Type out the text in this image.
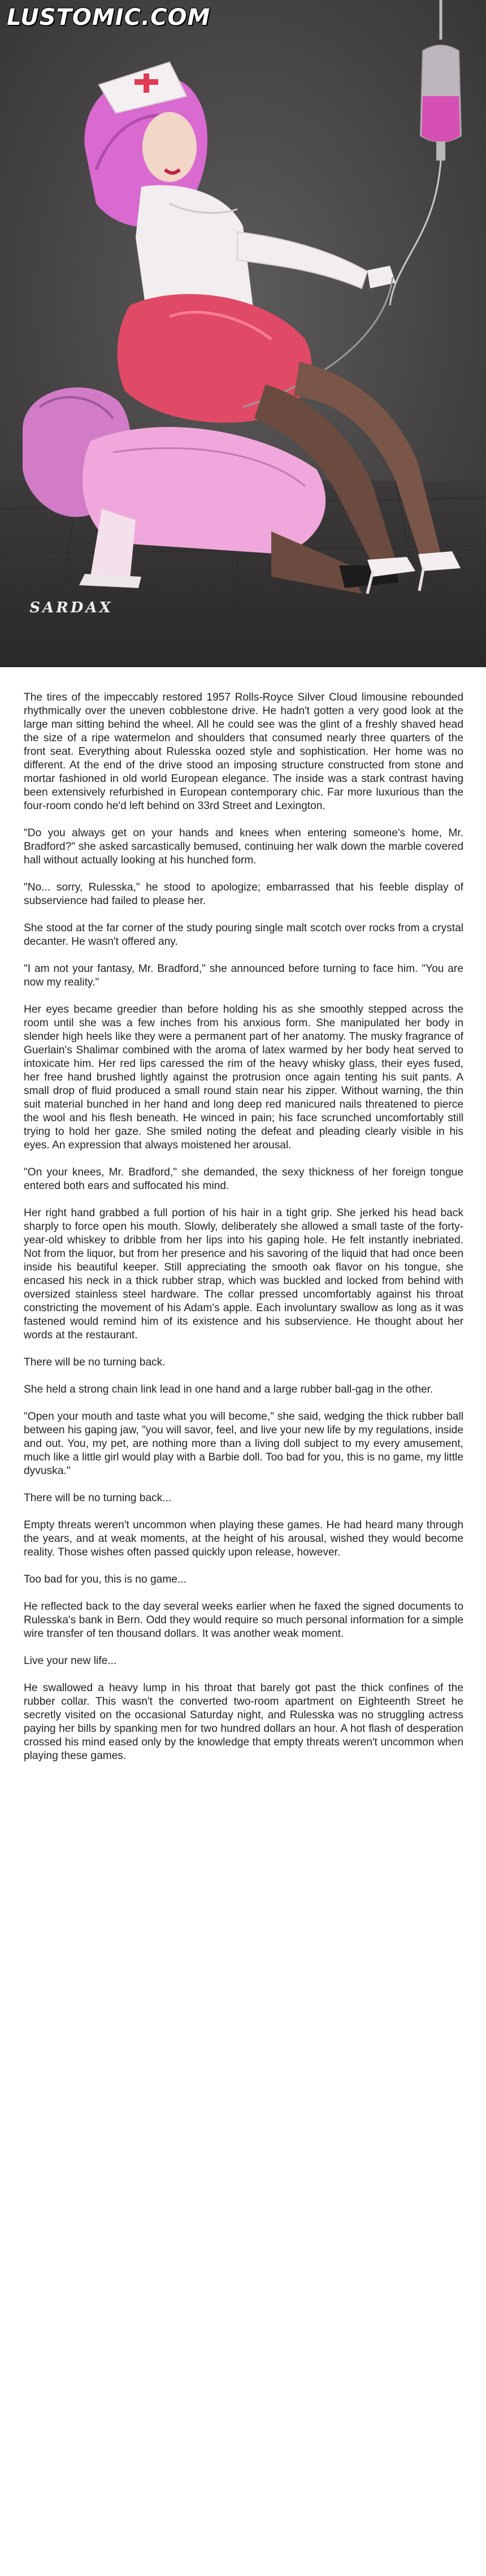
LUSTOMIC.COM
SARDAX

The tires of the impeccably restored 1957 Rolls-Royce Silver Cloud limousine rebounded rhythmically over the uneven cobblestone drive. He hadn't gotten a very good look at the large man sitting behind the wheel. All he could see was the glint of a freshly shaved head the size of a ripe watermelon and shoulders that consumed nearly three quarters of the front seat. Everything about Rulesska oozed style and sophistication. Her home was no different. At the end of the drive stood an imposing structure constructed from stone and mortar fashioned in old world European elegance. The inside was a stark contrast having been extensively refurbished in European contemporary chic. Far more luxurious than the four-room condo he'd left behind on 33rd Street and Lexington.

"Do you always get on your hands and knees when entering someone's home, Mr. Bradford?" she asked sarcastically bemused, continuing her walk down the marble covered hall without actually looking at his hunched form.

"No... sorry, Rulesska," he stood to apologize; embarrassed that his feeble display of subservience had failed to please her.

She stood at the far corner of the study pouring single malt scotch over rocks from a crystal decanter. He wasn't offered any.

"I am not your fantasy, Mr. Bradford," she announced before turning to face him. "You are now my reality."

Her eyes became greedier than before holding his as she smoothly stepped across the room until she was a few inches from his anxious form. She manipulated her body in slender high heels like they were a permanent part of her anatomy. The musky fragrance of Guerlain's Shalimar combined with the aroma of latex warmed by her body heat served to intoxicate him. Her red lips caressed the rim of the heavy whisky glass, their eyes fused, her free hand brushed lightly against the protrusion once again tenting his suit pants. A small drop of fluid produced a small round stain near his zipper. Without warning, the thin suit material bunched in her hand and long deep red manicured nails threatened to pierce the wool and his flesh beneath. He winced in pain; his face scrunched uncomfortably still trying to hold her gaze. She smiled noting the defeat and pleading clearly visible in his eyes. An expression that always moistened her arousal.

"On your knees, Mr. Bradford," she demanded, the sexy thickness of her foreign tongue entered both ears and suffocated his mind.

Her right hand grabbed a full portion of his hair in a tight grip. She jerked his head back sharply to force open his mouth. Slowly, deliberately she allowed a small taste of the forty-year-old whiskey to dribble from her lips into his gaping hole. He felt instantly inebriated. Not from the liquor, but from her presence and his savoring of the liquid that had once been inside his beautiful keeper. Still appreciating the smooth oak flavor on his tongue, she encased his neck in a thick rubber strap, which was buckled and locked from behind with oversized stainless steel hardware. The collar pressed uncomfortably against his throat constricting the movement of his Adam's apple. Each involuntary swallow as long as it was fastened would remind him of its existence and his subservience. He thought about her words at the restaurant.

There will be no turning back.

She held a strong chain link lead in one hand and a large rubber ball-gag in the other.

"Open your mouth and taste what you will become," she said, wedging the thick rubber ball between his gaping jaw, "you will savor, feel, and live your new life by my regulations, inside and out. You, my pet, are nothing more than a living doll subject to my every amusement, much like a little girl would play with a Barbie doll. Too bad for you, this is no game, my little dyvuska."

There will be no turning back...

Empty threats weren't uncommon when playing these games. He had heard many through the years, and at weak moments, at the height of his arousal, wished they would become reality. Those wishes often passed quickly upon release, however.

Too bad for you, this is no game...

He reflected back to the day several weeks earlier when he faxed the signed documents to Rulesska's bank in Bern. Odd they would require so much personal information for a simple wire transfer of ten thousand dollars. It was another weak moment.

Live your new life...

He swallowed a heavy lump in his throat that barely got past the thick confines of the rubber collar. This wasn't the converted two-room apartment on Eighteenth Street he secretly visited on the occasional Saturday night, and Rulesska was no struggling actress paying her bills by spanking men for two hundred dollars an hour. A hot flash of desperation crossed his mind eased only by the knowledge that empty threats weren't uncommon when playing these games.
